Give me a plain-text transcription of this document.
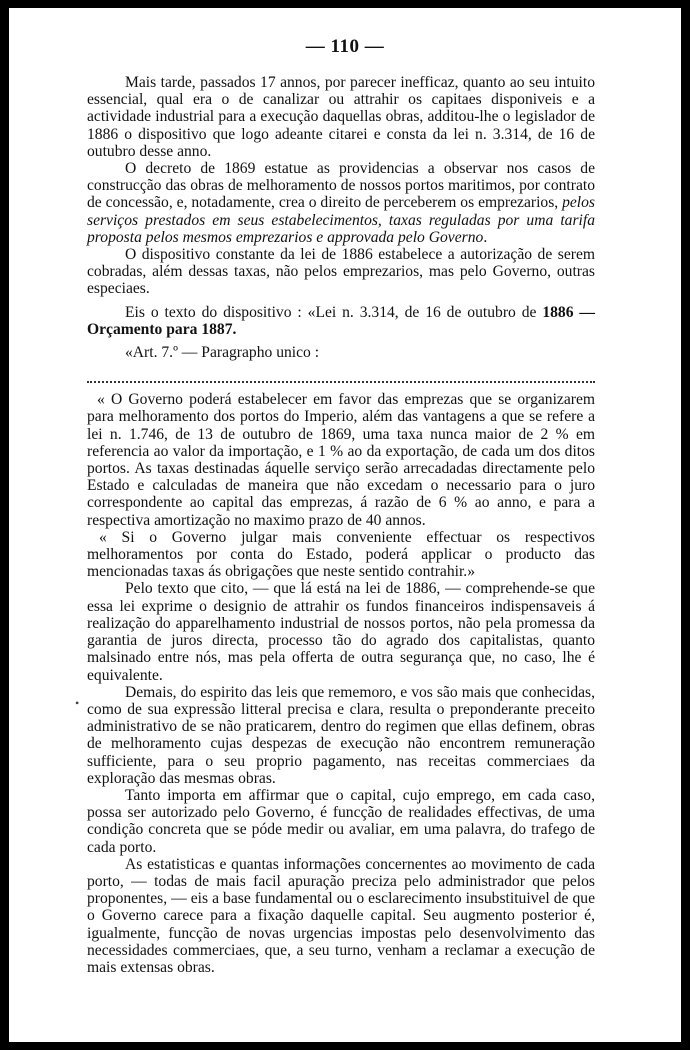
— 110 —
•

Mais tarde, passados 17 annos, por parecer inefficaz, quanto ao seu intuito essencial, qual era o de canalizar ou attrahir os capitaes disponiveis e a actividade industrial para a execução daquellas obras, additou-lhe o legislador de 1886 o dispositivo que logo adeante citarei e consta da lei n. 3.314, de 16 de outubro desse anno.

O decreto de 1869 estatue as providencias a observar nos casos de construcção das obras de melhoramento de nossos portos maritimos, por contrato de concessão, e, notadamente, crea o direito de perceberem os emprezarios, pelos serviços prestados em seus estabelecimentos, taxas reguladas por uma tarifa proposta pelos mesmos emprezarios e approvada pelo Governo.

O dispositivo constante da lei de 1886 estabelece a autorização de serem cobradas, além dessas taxas, não pelos emprezarios, mas pelo Governo, outras especiaes.

Eis o texto do dispositivo : «Lei n. 3.314, de 16 de outubro de 1886 — Orçamento para 1887.

«Art. 7.º — Paragrapho unico :

« O Governo poderá estabelecer em favor das emprezas que se organizarem para melhoramento dos portos do Imperio, além das vantagens a que se refere a lei n. 1.746, de 13 de outubro de 1869, uma taxa nunca maior de 2 % em referencia ao valor da importação, e 1 % ao da exportação, de cada um dos ditos portos. As taxas destinadas áquelle serviço serão arrecadadas directamente pelo Estado e calculadas de maneira que não excedam o necessario para o juro correspondente ao capital das emprezas, á razão de 6 % ao anno, e para a respectiva amortização no maximo prazo de 40 annos.

« Si o Governo julgar mais conveniente effectuar os respectivos melhoramentos por conta do Estado, poderá applicar o producto das mencionadas taxas ás obrigações que neste sentido contrahir.»

Pelo texto que cito, — que lá está na lei de 1886, — comprehende-se que essa lei exprime o designio de attrahir os fundos financeiros indispensaveis á realização do apparelhamento industrial de nossos portos, não pela promessa da garantia de juros directa, processo tão do agrado dos capitalistas, quanto malsinado entre nós, mas pela offerta de outra segurança que, no caso, lhe é equivalente.

Demais, do espirito das leis que rememoro, e vos são mais que conhecidas, como de sua expressão litteral precisa e clara, resulta o preponderante preceito administrativo de se não praticarem, dentro do regimen que ellas definem, obras de melhoramento cujas despezas de execução não encontrem remuneração sufficiente, para o seu proprio pagamento, nas receitas commerciaes da exploração das mesmas obras.

Tanto importa em affirmar que o capital, cujo emprego, em cada caso, possa ser autorizado pelo Governo, é funcção de realidades effectivas, de uma condição concreta que se póde medir ou avaliar, em uma palavra, do trafego de cada porto.

As estatisticas e quantas informações concernentes ao movimento de cada porto, — todas de mais facil apuração preciza pelo administrador que pelos proponentes, — eis a base fundamental ou o esclarecimento insubstituivel de que o Governo carece para a fixação daquelle capital. Seu augmento posterior é, igualmente, funcção de novas urgencias impostas pelo desenvolvimento das necessidades commerciaes, que, a seu turno, venham a reclamar a execução de mais extensas obras.
